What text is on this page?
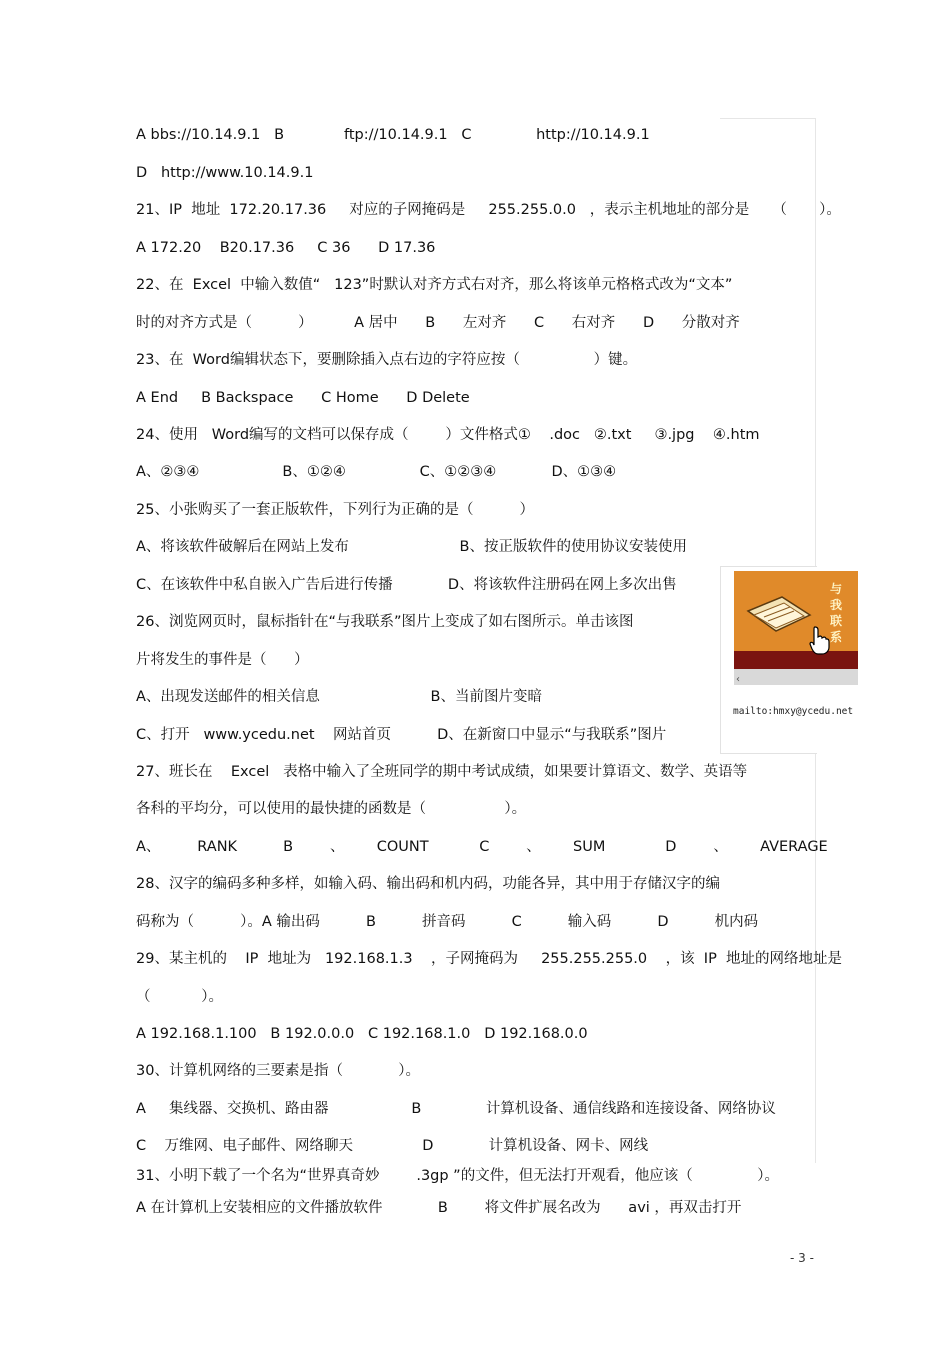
A bbs://10.14.9.1   B             ftp://10.14.9.1   C              http://10.14.9.1
D   http://www.10.14.9.1
21、IP  地址  172.20.17.36     对应的子网掩码是     255.255.0.0   ，表示主机地址的部分是     （       ）。
A 172.20    B20.17.36     C 36      D 17.36
22、在  Excel  中输入数值“   123”时默认对齐方式右对齐，那么将该单元格格式改为“文本”
时的对齐方式是（          ）         A 居中      B      左对齐      C      右对齐      D      分散对齐
23、在  Word编辑状态下，要删除插入点右边的字符应按（                ）键。
A End     B Backspace      C Home      D Delete
24、使用   Word编写的文档可以保存成（        ）文件格式①    .doc   ②.txt     ③.jpg    ④.htm
A、②③④                  B、①②④                C、①②③④            D、①③④
25、小张购买了一套正版软件，下列行为正确的是（          ）
A、将该软件破解后在网站上发布                        B、按正版软件的使用协议安装使用
C、在该软件中私自嵌入广告后进行传播            D、将该软件注册码在网上多次出售
26、浏览网页时，鼠标指针在“与我联系”图片上变成了如右图所示。单击该图
片将发生的事件是（      ）
A、出现发送邮件的相关信息                        B、当前图片变暗
C、打开   www.ycedu.net    网站首页          D、在新窗口中显示“与我联系”图片
27、班长在    Excel   表格中输入了全班同学的期中考试成绩，如果要计算语文、数学、英语等
各科的平均分，可以使用的最快捷的函数是（                 ）。
A、        RANK          B        、       COUNT           C        、       SUM             D        、       AVERAGE
28、汉字的编码多种多样，如输入码、输出码和机内码，功能各异，其中用于存储汉字的编
码称为（          ）。A 输出码          B          拼音码          C          输入码          D          机内码
29、某主机的    IP  地址为   192.168.1.3    ，子网掩码为     255.255.255.0    ，该  IP  地址的网络地址是
（           ）。
A 192.168.1.100   B 192.0.0.0   C 192.168.1.0   D 192.168.0.0
30、计算机网络的三要素是指（            ）。
A     集线器、交换机、路由器                  B              计算机设备、通信线路和连接设备、网络协议
C    万维网、电子邮件、网络聊天               D            计算机设备、网卡、网线
31、小明下载了一个名为“世界真奇妙        .3gp ”的文件，但无法打开观看，他应该（              ）。
A 在计算机上安装相应的文件播放软件            B        将文件扩展名改为      avi ，再双击打开
与
我
联
系
‹
mailto:hmxy@ycedu.net
- 3 -
